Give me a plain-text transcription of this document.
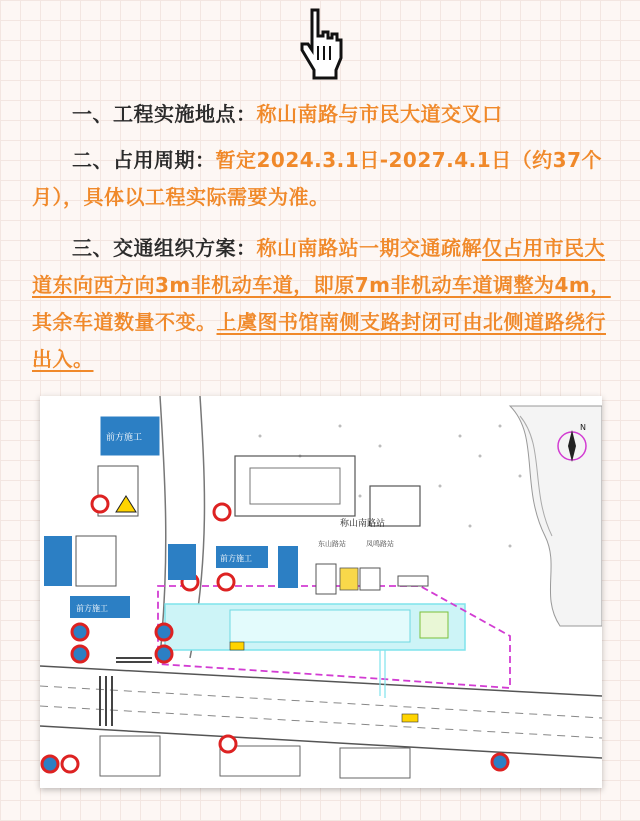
一、工程实施地点：称山南路与市民大道交叉口

二、占用周期：暂定2024.3.1日-2027.4.1日（约37个月），具体以工程实际需要为准。

三、交通组织方案：称山南路站一期交通疏解仅占用市民大道东向西方向3m非机动车道，即原7m非机动车道调整为4m，其余车道数量不变。上虞图书馆南侧支路封闭可由北侧道路绕行出入。

称山南路站
东山路站	凤鸣路站
N
前方施工
前方施工
前方施工
